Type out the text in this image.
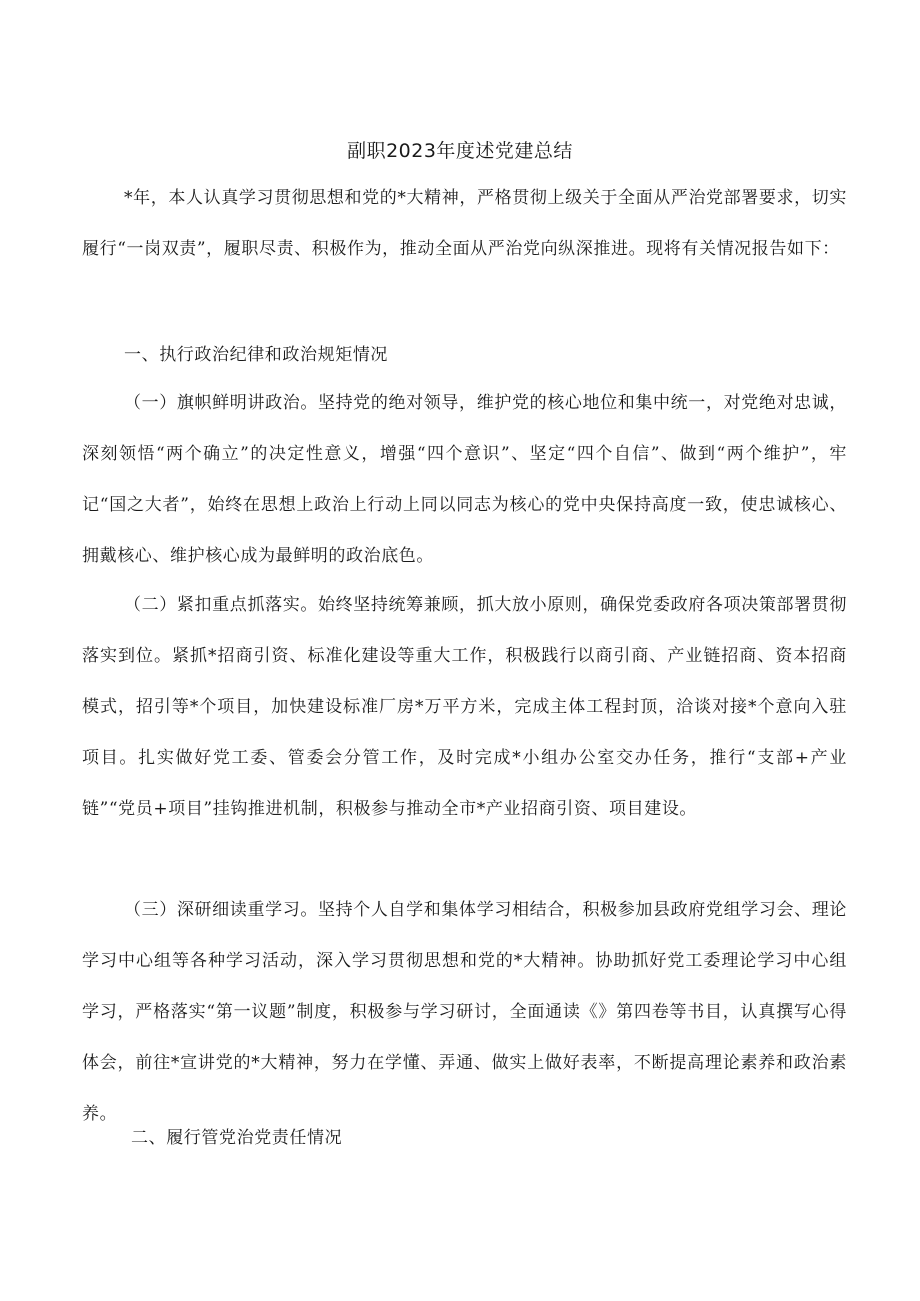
副职2023年度述党建总结

*年，本人认真学习贯彻思想和党的*大精神，严格贯彻上级关于全面从严治党部署要求，切实履行“一岗双责”，履职尽责、积极作为，推动全面从严治党向纵深推进。现将有关情况报告如下：

一、执行政治纪律和政治规矩情况

（一）旗帜鲜明讲政治。坚持党的绝对领导，维护党的核心地位和集中统一，对党绝对忠诚，深刻领悟“两个确立”的决定性意义，增强“四个意识”、坚定“四个自信”、做到“两个维护”，牢记“国之大者”，始终在思想上政治上行动上同以同志为核心的党中央保持高度一致，使忠诚核心、拥戴核心、维护核心成为最鲜明的政治底色。

（二）紧扣重点抓落实。始终坚持统筹兼顾，抓大放小原则，确保党委政府各项决策部署贯彻落实到位。紧抓*招商引资、标准化建设等重大工作，积极践行以商引商、产业链招商、资本招商模式，招引等*个项目，加快建设标准厂房*万平方米，完成主体工程封顶，洽谈对接*个意向入驻项目。扎实做好党工委、管委会分管工作，及时完成*小组办公室交办任务，推行“支部+产业链”“党员+项目”挂钩推进机制，积极参与推动全市*产业招商引资、项目建设。

（三）深研细读重学习。坚持个人自学和集体学习相结合，积极参加县政府党组学习会、理论学习中心组等各种学习活动，深入学习贯彻思想和党的*大精神。协助抓好党工委理论学习中心组学习，严格落实“第一议题”制度，积极参与学习研讨，全面通读《》第四卷等书目，认真撰写心得体会，前往*宣讲党的*大精神，努力在学懂、弄通、做实上做好表率，不断提高理论素养和政治素养。

二、履行管党治党责任情况
